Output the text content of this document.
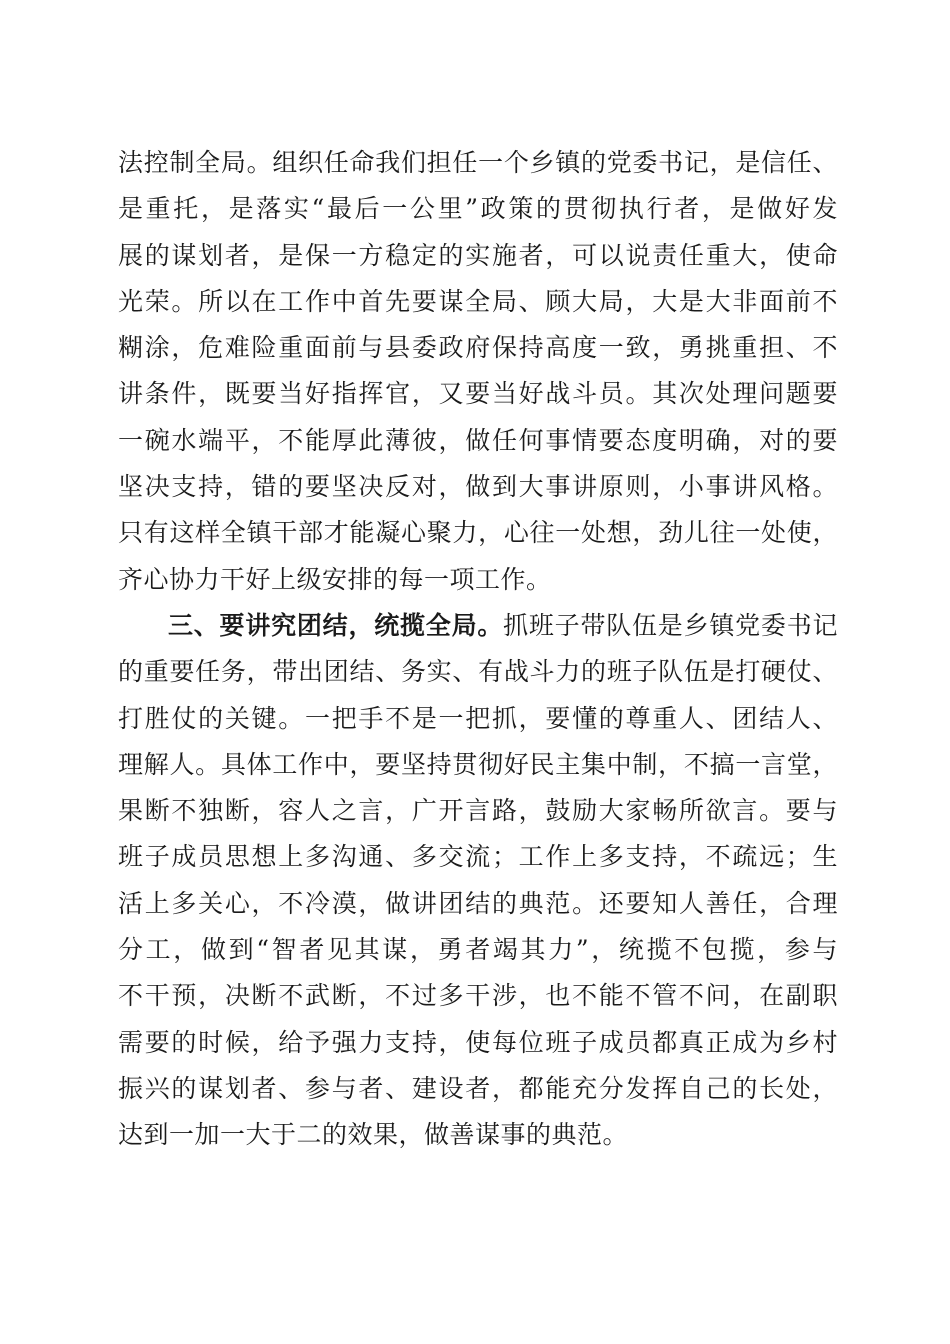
法控制全局。组织任命我们担任一个乡镇的党委书记，是信任、
是重托，是落实“最后一公里”政策的贯彻执行者，是做好发
展的谋划者，是保一方稳定的实施者，可以说责任重大，使命
光荣。所以在工作中首先要谋全局、顾大局，大是大非面前不
糊涂，危难险重面前与县委政府保持高度一致，勇挑重担、不
讲条件，既要当好指挥官，又要当好战斗员。其次处理问题要
一碗水端平，不能厚此薄彼，做任何事情要态度明确，对的要
坚决支持，错的要坚决反对，做到大事讲原则，小事讲风格。
只有这样全镇干部才能凝心聚力，心往一处想，劲儿往一处使，
齐心协力干好上级安排的每一项工作。
三、要讲究团结，统揽全局。抓班子带队伍是乡镇党委书记
的重要任务，带出团结、务实、有战斗力的班子队伍是打硬仗、
打胜仗的关键。一把手不是一把抓，要懂的尊重人、团结人、
理解人。具体工作中，要坚持贯彻好民主集中制，不搞一言堂，
果断不独断，容人之言，广开言路，鼓励大家畅所欲言。要与
班子成员思想上多沟通、多交流；工作上多支持，不疏远；生
活上多关心，不冷漠，做讲团结的典范。还要知人善任，合理
分工，做到“智者见其谋，勇者竭其力”，统揽不包揽，参与
不干预，决断不武断，不过多干涉，也不能不管不问，在副职
需要的时候，给予强力支持，使每位班子成员都真正成为乡村
振兴的谋划者、参与者、建设者，都能充分发挥自己的长处，
达到一加一大于二的效果，做善谋事的典范。
